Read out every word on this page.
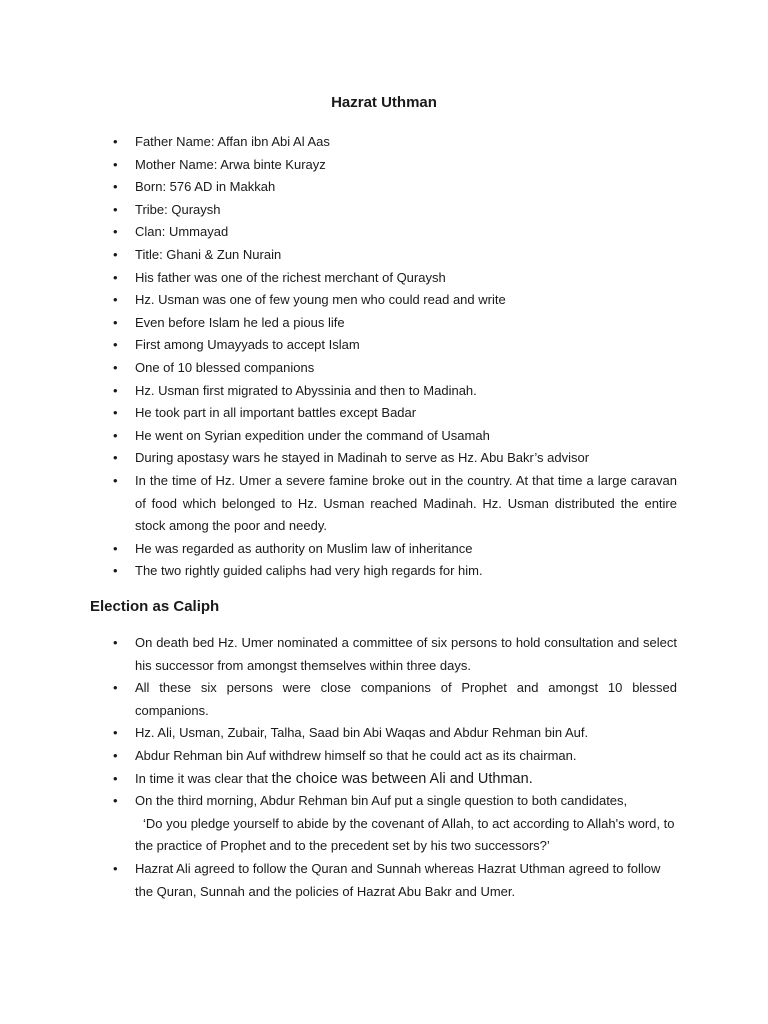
Hazrat Uthman
• Father Name: Affan ibn Abi Al Aas
• Mother Name: Arwa binte Kurayz
• Born: 576 AD in Makkah
• Tribe: Quraysh
• Clan: Ummayad
• Title: Ghani & Zun Nurain
• His father was one of the richest merchant of Quraysh
• Hz. Usman was one of few young men who could read and write
• Even before Islam he led a pious life
• First among Umayyads to accept Islam
• One of 10 blessed companions
• Hz. Usman first migrated to Abyssinia and then to Madinah.
• He took part in all important battles except Badar
• He went on Syrian expedition under the command of Usamah
• During apostasy wars he stayed in Madinah to serve as Hz. Abu Bakr’s advisor
• In the time of Hz. Umer a severe famine broke out in the country. At that time a large caravan of food which belonged to Hz. Usman reached Madinah. Hz. Usman distributed the entire stock among the poor and needy.
• He was regarded as authority on Muslim law of inheritance
• The two rightly guided caliphs had very high regards for him.
Election as Caliph
• On death bed Hz. Umer nominated a committee of six persons to hold consultation and select his successor from amongst themselves within three days.
• All these six persons were close companions of Prophet and amongst 10 blessed companions.
• Hz. Ali, Usman, Zubair, Talha, Saad bin Abi Waqas and Abdur Rehman bin Auf.
• Abdur Rehman bin Auf withdrew himself so that he could act as its chairman.
• In time it was clear that the choice was between Ali and Uthman.
• On the third morning, Abdur Rehman bin Auf put a single question to both candidates,
‘Do you pledge yourself to abide by the covenant of Allah, to act according to Allah's word, to the practice of Prophet and to the precedent set by his two successors?’
• Hazrat Ali agreed to follow the Quran and Sunnah whereas Hazrat Uthman agreed to follow the Quran, Sunnah and the policies of Hazrat Abu Bakr and Umer.
